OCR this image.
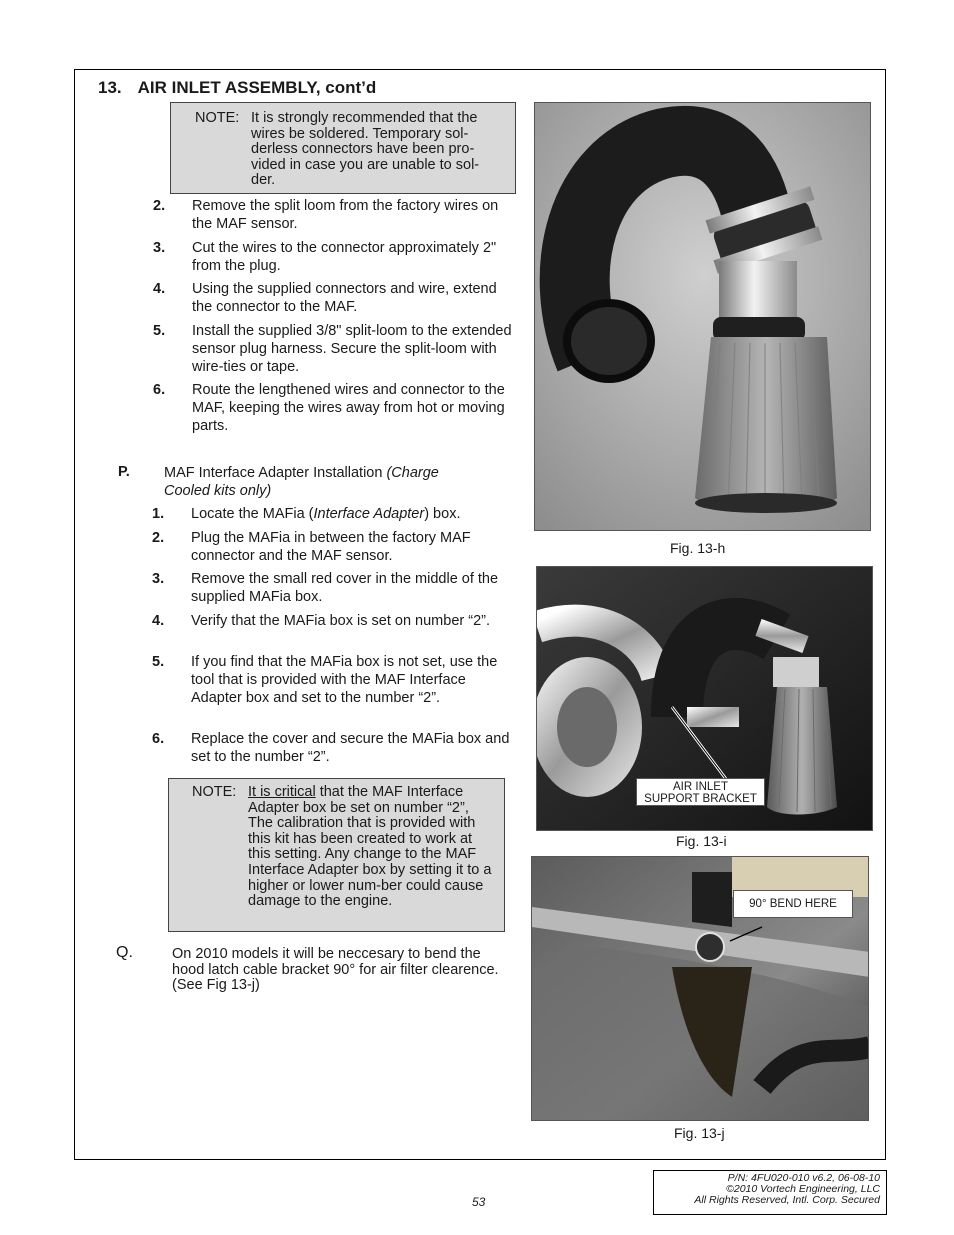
13. AIR INLET ASSEMBLY, cont’d
NOTE: It is strongly recommended that the wires be soldered. Temporary sol-derless connectors have been pro-vided in case you are unable to sol-der.
2. Remove the split loom from the factory wires on the MAF sensor.
3. Cut the wires to the connector approximately 2" from the plug.
4. Using the supplied connectors and wire, extend the connector to the MAF.
5. Install the supplied 3/8" split-loom to the extended sensor plug harness. Secure the split-loom with wire-ties or tape.
6. Route the lengthened wires and connector to the MAF, keeping the wires away from hot or moving parts.
P. MAF Interface Adapter Installation (Charge Cooled kits only)
1. Locate the MAFia (Interface Adapter) box.
2. Plug the MAFia in between the factory MAF connector and the MAF sensor.
3. Remove the small red cover in the middle of the supplied MAFia box.
4. Verify that the MAFia box is set on number “2”.
5. If you find that the MAFia box is not set, use the tool that is provided with the MAF Interface Adapter box and set to the number “2”.
6. Replace the cover and secure the MAFia box and set to the number “2”.
NOTE: It is critical that the MAF Interface Adapter box be set on number “2”, The calibration that is provided with this kit has been created to work at this setting. Any change to the MAF Interface Adapter box by setting it to a higher or lower num-ber could cause damage to the engine.
Q.	On 2010 models it will be neccesary to bend the hood latch cable bracket 90° for air filter clearence.(See Fig 13-j)
Fig. 13-h
AIR INLET
SUPPORT BRACKET
Fig. 13-i
90° BEND HERE
Fig. 13-j
53
P/N: 4FU020-010 v6.2, 06-08-10
©2010 Vortech Engineering, LLC
All Rights Reserved, Intl. Corp. Secured
